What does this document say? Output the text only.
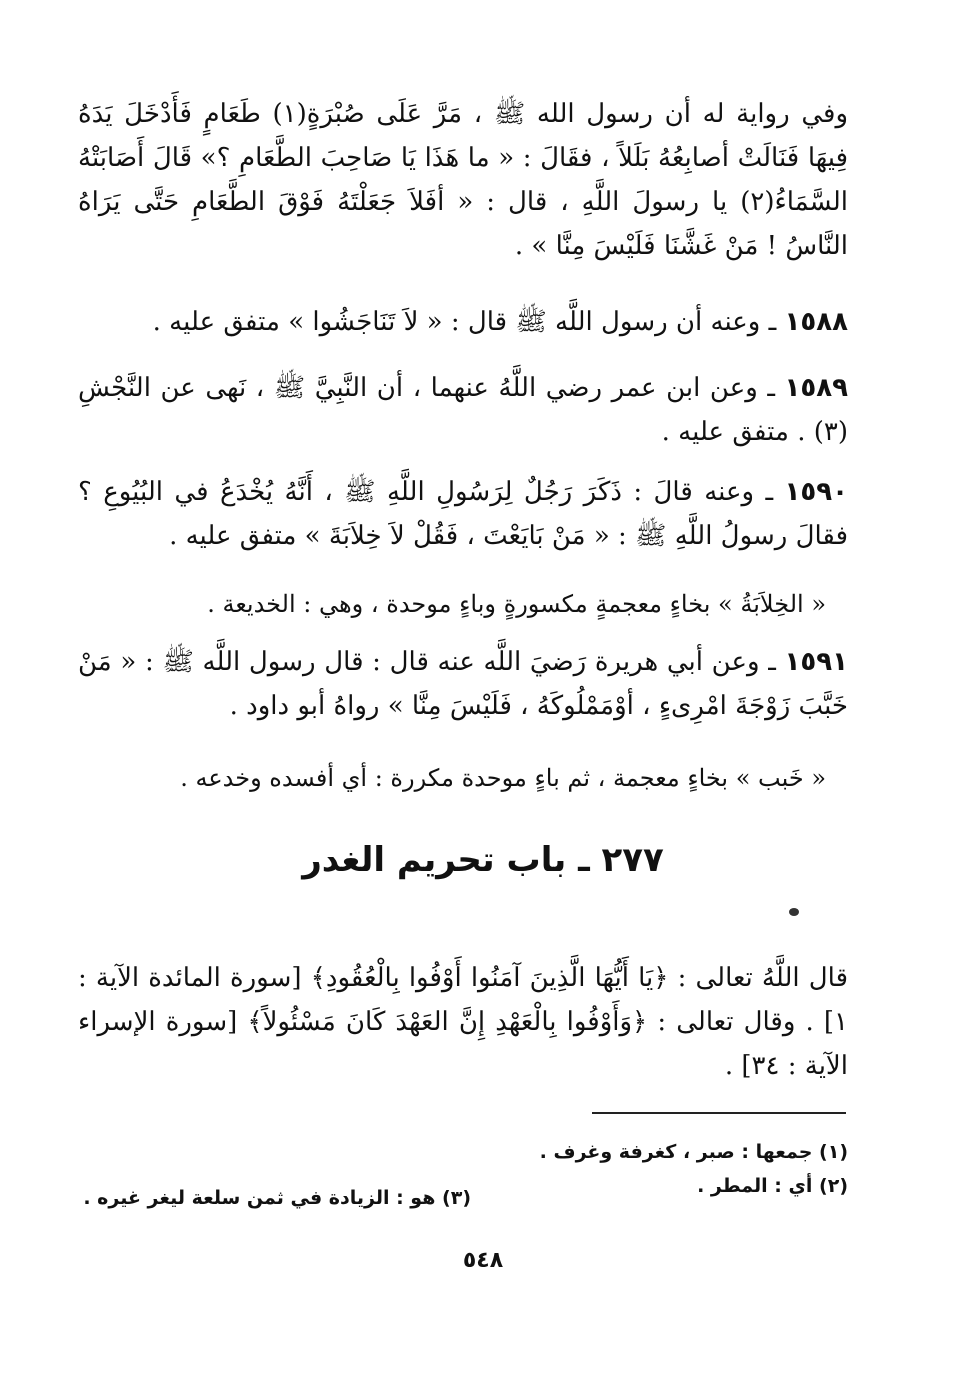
وفي رواية له أن رسول الله ﷺ ، مَرَّ عَلَى صُبْرَةٍ(١) طَعَامٍ فَأَدْخَلَ يَدَهُ فِيهَا فَنَالَتْ أصابِعُهُ بَلَلاً ، فقَالَ : « ما هَذَا يَا صَاحِبَ الطَّعَامِ ؟» قَالَ أَصَابَتْهُ السَّمَاءُ(٢) يا رسولَ اللَّهِ ، قال : « أفَلاَ جَعَلْتَهُ فَوْقَ الطَّعَامِ حَتَّى يَرَاهُ النَّاسُ ! مَنْ غَشَّنَا فَلَيْسَ مِنَّا » .

١٥٨٨ ـ وعنه أن رسول اللَّه ﷺ قال : « لاَ تَنَاجَشُوا » متفق عليه .

١٥٨٩ ـ وعن ابن عمر رضي اللَّهُ عنهما ، أن النَّبِيَّ ﷺ ، نَهى عن النَّجْشِ (٣) . متفق عليه .

١٥٩٠ ـ وعنه قالَ : ذَكَرَ رَجُلٌ لِرَسُولِ اللَّهِ ﷺ ، أَنَّهُ يُخْدَعُ في البُيُوعِ ؟ فقالَ رسولُ اللَّهِ ﷺ : « مَنْ بَايَعْتَ ، فَقُلْ لاَ خِلاَبَةَ » متفق عليه .

« الخِلاَبَةُ » بخاءٍ معجمةٍ مكسورةٍ وباءٍ موحدة ، وهي : الخديعة .

١٥٩١ ـ وعن أبي هريرة رَضيَ اللَّه عنه قال : قال رسول اللَّه ﷺ : « مَنْ خَبَّبَ زَوْجَةَ امْرِىءٍ ، أوْمَمْلُوكَهُ ، فَلَيْسَ مِنَّا » رواهُ أبو داود .

« خَبب » بخاءٍ معجمة ، ثم باءٍ موحدة مكررة : أي أفسده وخدعه .
٢٧٧ ـ باب تحريم الغدر

قال اللَّهُ تعالى : ﴿يَا أَيُّهَا الَّذِينَ آمَنُوا أَوْفُوا بِالْعُقُودِ﴾ [سورة المائدة الآية : ١] . وقال تعالى : ﴿وَأَوْفُوا بِالْعَهْدِ إِنَّ العَهْدَ كَانَ مَسْئُولاً﴾ [سورة الإسراء الآية : ٣٤] .

(١) جمعها : صبر ، كغرفة وغرف .
(٢) أي : المطر .
(٣) هو : الزيادة في ثمن سلعة ليغر غيره .
٥٤٨
